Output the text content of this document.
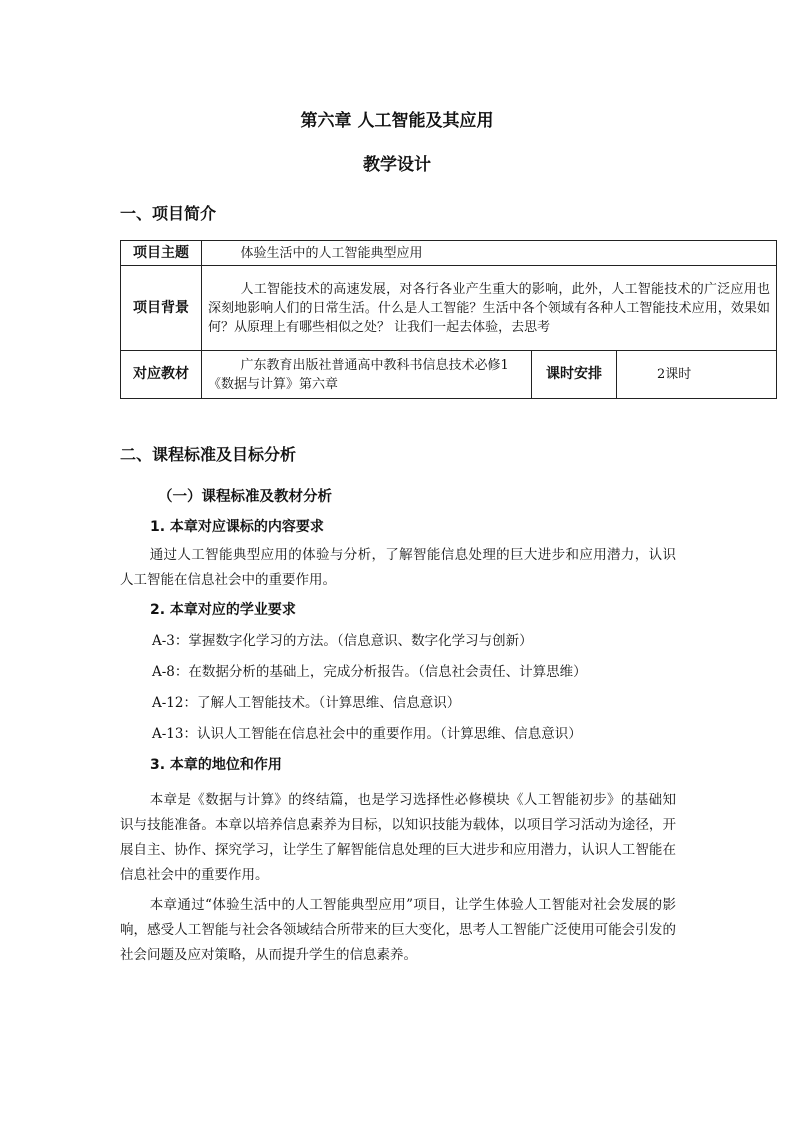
第六章 人工智能及其应用
教学设计
一、项目简介
项目主题	体验生活中的人工智能典型应用		
项目背景	人工智能技术的高速发展，对各行各业产生重大的影响，此外，人工智能技术的广泛应用也深刻地影响人们的日常生活。什么是人工智能？生活中各个领域有各种人工智能技术应用，效果如何？从原理上有哪些相似之处？ 让我们一起去体验，去思考		
对应教材	广东教育出版社普通高中教科书信息技术必修1《数据与计算》第六章	课时安排	2课时
二、课程标准及目标分析
（一）课程标准及教材分析
1. 本章对应课标的内容要求
通过人工智能典型应用的体验与分析，了解智能信息处理的巨大进步和应用潜力，认识人工智能在信息社会中的重要作用。
2. 本章对应的学业要求
A-3：掌握数字化学习的方法。（信息意识、数字化学习与创新）
A-8：在数据分析的基础上，完成分析报告。（信息社会责任、计算思维）
A-12：了解人工智能技术。（计算思维、信息意识）
A-13：认识人工智能在信息社会中的重要作用。（计算思维、信息意识）
3. 本章的地位和作用
本章是《数据与计算》的终结篇，也是学习选择性必修模块《人工智能初步》的基础知识与技能准备。本章以培养信息素养为目标，以知识技能为载体，以项目学习活动为途径，开展自主、协作、探究学习，让学生了解智能信息处理的巨大进步和应用潜力，认识人工智能在信息社会中的重要作用。
本章通过“体验生活中的人工智能典型应用”项目，让学生体验人工智能对社会发展的影响，感受人工智能与社会各领域结合所带来的巨大变化，思考人工智能广泛使用可能会引发的社会问题及应对策略，从而提升学生的信息素养。
